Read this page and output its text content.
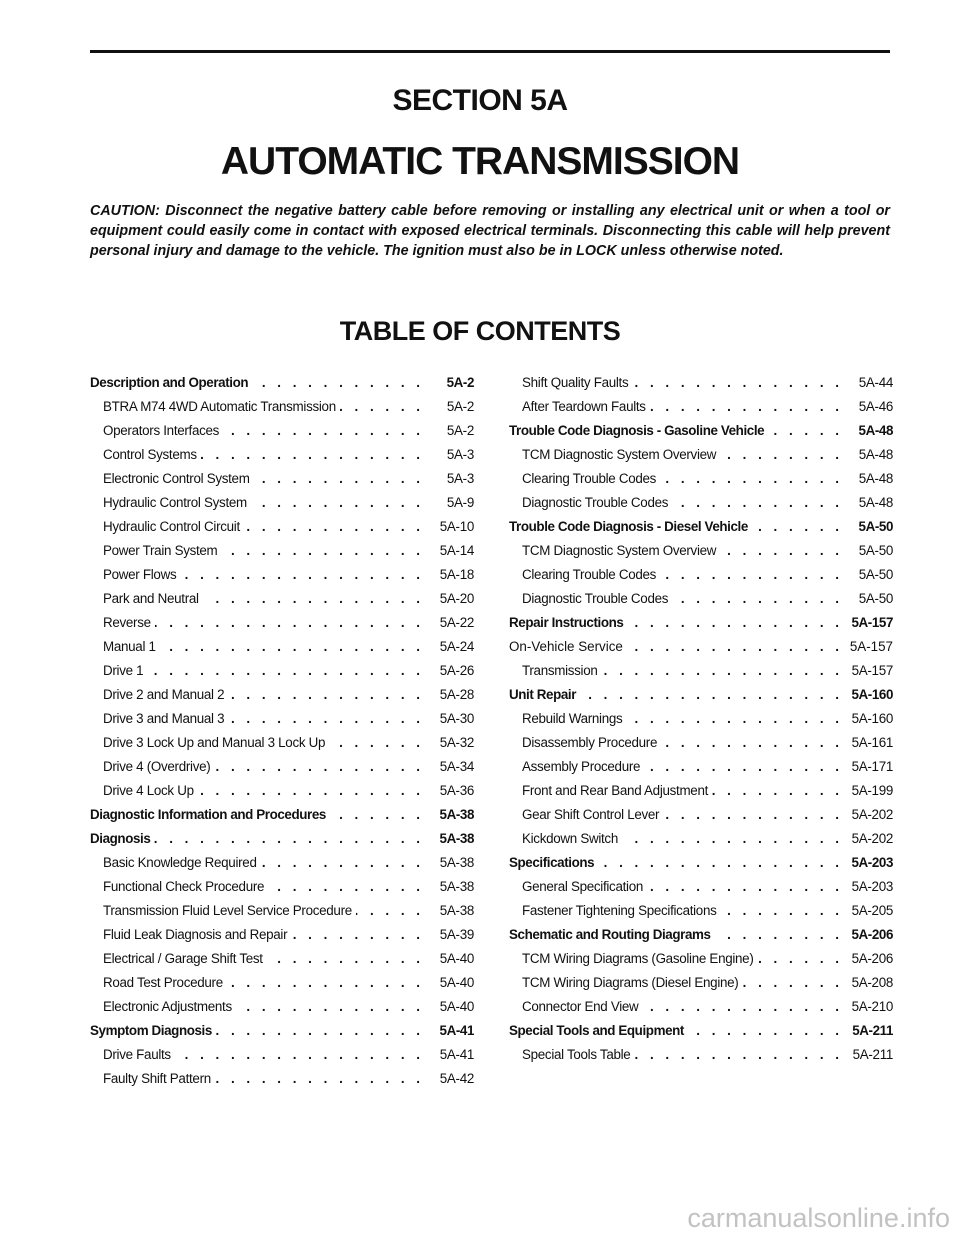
SECTION 5A
AUTOMATIC TRANSMISSION
CAUTION: Disconnect the negative battery cable before removing or installing any electrical unit or when a tool or equipment could easily come in contact with exposed electrical terminals. Disconnecting this cable will help prevent personal injury and damage to the vehicle. The ignition must also be in LOCK unless otherwise noted.
TABLE OF CONTENTS
Description and Operation . . .	5A-2
BTRA M74 4WD Automatic Transmission . . .	5A-2
Operators Interfaces . . .	5A-2
Control Systems . . .	5A-3
Electronic Control System . . .	5A-3
Hydraulic Control System . . .	5A-9
Hydraulic Control Circuit . . .	5A-10
Power Train System . . .	5A-14
Power Flows . . .	5A-18
Park and Neutral . . .	5A-20
Reverse . . .	5A-22
Manual 1 . . .	5A-24
Drive 1 . . .	5A-26
Drive 2 and Manual 2 . . .	5A-28
Drive 3 and Manual 3 . . .	5A-30
Drive 3 Lock Up and Manual 3 Lock Up . . .	5A-32
Drive 4 (Overdrive) . . .	5A-34
Drive 4 Lock Up . . .	5A-36
Diagnostic Information and Procedures . . .	5A-38
Diagnosis . . .	5A-38
Basic Knowledge Required . . .	5A-38
Functional Check Procedure . . .	5A-38
Transmission Fluid Level Service Procedure . . .	5A-38
Fluid Leak Diagnosis and Repair . . .	5A-39
Electrical / Garage Shift Test . . .	5A-40
Road Test Procedure . . .	5A-40
Electronic Adjustments . . .	5A-40
Symptom Diagnosis . . .	5A-41
Drive Faults . . .	5A-41
Faulty Shift Pattern . . .	5A-42
Shift Quality Faults . . .	5A-44
After Teardown Faults . . .	5A-46
Trouble Code Diagnosis - Gasoline Vehicle . . .	5A-48
TCM Diagnostic System Overview . . .	5A-48
Clearing Trouble Codes . . .	5A-48
Diagnostic Trouble Codes . . .	5A-48
Trouble Code Diagnosis - Diesel Vehicle . . .	5A-50
TCM Diagnostic System Overview . . .	5A-50
Clearing Trouble Codes . . .	5A-50
Diagnostic Trouble Codes . . .	5A-50
Repair Instructions . . .	5A-157
On-Vehicle Service . . .	5A-157
Transmission . . .	5A-157
Unit Repair . . .	5A-160
Rebuild Warnings . . .	5A-160
Disassembly Procedure . . .	5A-161
Assembly Procedure . . .	5A-171
Front and Rear Band Adjustment . . .	5A-199
Gear Shift Control Lever . . .	5A-202
Kickdown Switch . . .	5A-202
Specifications . . .	5A-203
General Specification . . .	5A-203
Fastener Tightening Specifications . . .	5A-205
Schematic and Routing Diagrams . . .	5A-206
TCM Wiring Diagrams (Gasoline Engine) . . .	5A-206
TCM Wiring Diagrams (Diesel Engine) . . .	5A-208
Connector End View . . .	5A-210
Special Tools and Equipment . . .	5A-211
Special Tools Table . . .	5A-211
carmanualsonline.info
